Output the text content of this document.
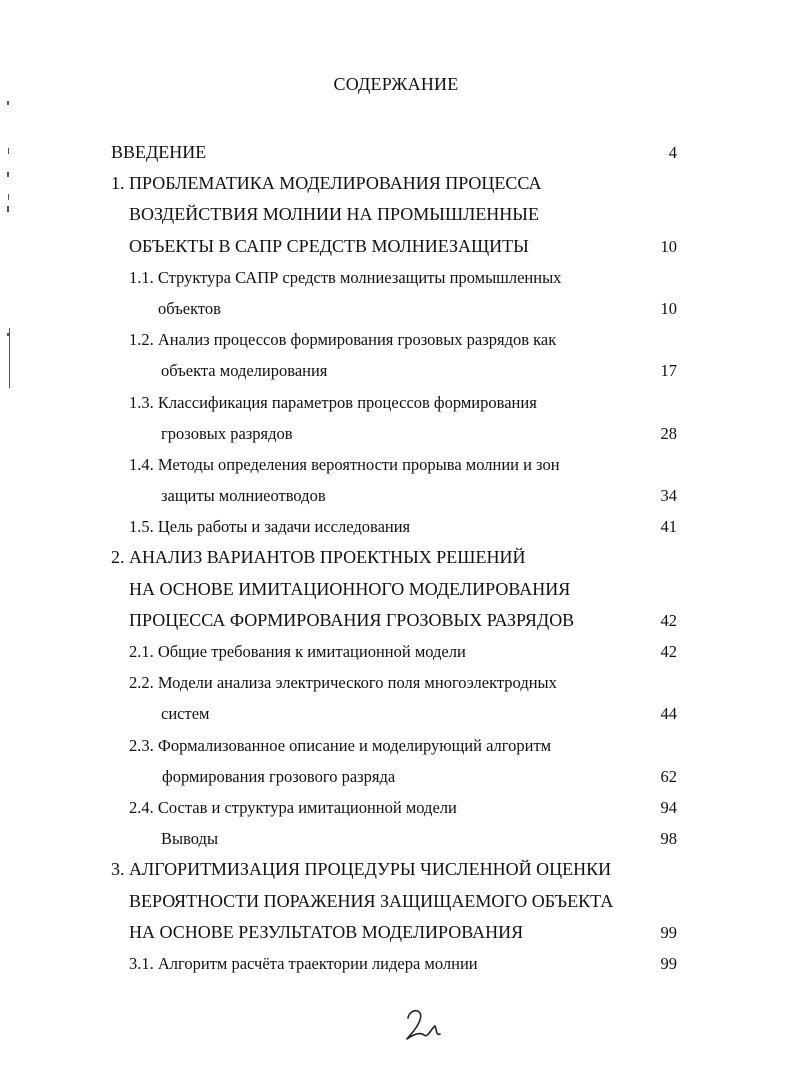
СОДЕРЖАНИЕ
ВВЕДЕНИЕ	4
1. ПРОБЛЕМАТИКА МОДЕЛИРОВАНИЯ ПРОЦЕССА
ВОЗДЕЙСТВИЯ МОЛНИИ НА ПРОМЫШЛЕННЫЕ
ОБЪЕКТЫ В САПР СРЕДСТВ МОЛНИЕЗАЩИТЫ	10
1.1. Структура САПР средств молниезащиты промышленных
объектов	10
1.2. Анализ процессов формирования грозовых разрядов как
объекта моделирования	17
1.3. Классификация параметров процессов формирования
грозовых разрядов	28
1.4. Методы определения вероятности прорыва молнии и зон
защиты молниеотводов	34
1.5. Цель работы и задачи исследования	41
2. АНАЛИЗ ВАРИАНТОВ ПРОЕКТНЫХ РЕШЕНИЙ
НА ОСНОВЕ ИМИТАЦИОННОГО МОДЕЛИРОВАНИЯ
ПРОЦЕССА ФОРМИРОВАНИЯ ГРОЗОВЫХ РАЗРЯДОВ	42
2.1. Общие требования к имитационной модели	42
2.2. Модели анализа электрического поля многоэлектродных
систем	44
2.3. Формализованное описание и моделирующий алгоритм
формирования грозового разряда	62
2.4. Состав и структура имитационной модели	94
Выводы	98
3. АЛГОРИТМИЗАЦИЯ ПРОЦЕДУРЫ ЧИСЛЕННОЙ ОЦЕНКИ
ВЕРОЯТНОСТИ ПОРАЖЕНИЯ ЗАЩИЩАЕМОГО ОБЪЕКТА
НА ОСНОВЕ РЕЗУЛЬТАТОВ МОДЕЛИРОВАНИЯ	99
3.1. Алгоритм расчёта траектории лидера молнии	99
